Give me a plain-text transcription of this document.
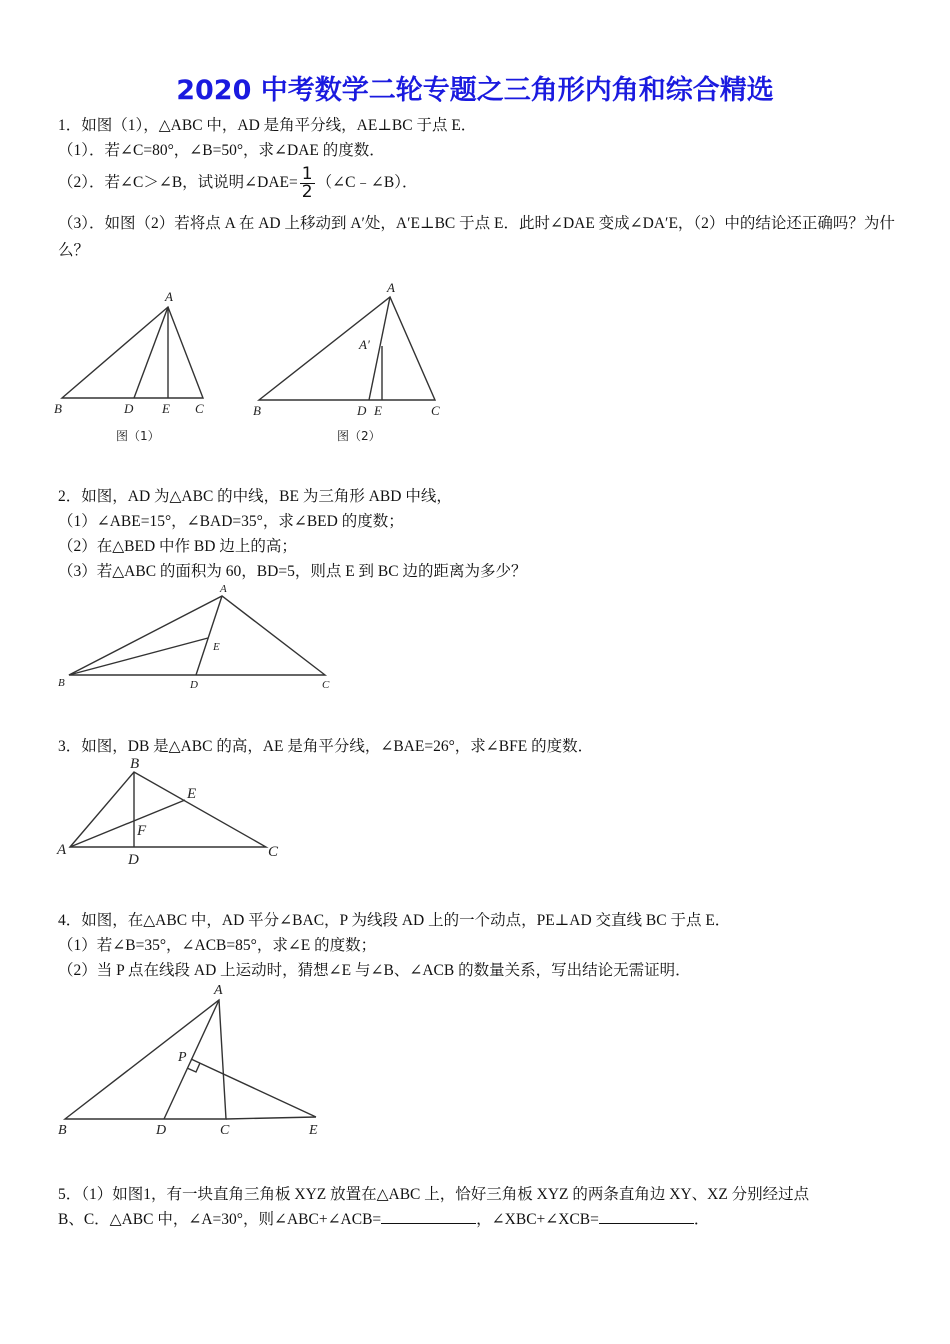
2020 中考数学二轮专题之三角形内角和综合精选
1．如图（1），△ABC 中，AD 是角平分线，AE⊥BC 于点 E．
（1）．若∠C=80°，∠B=50°，求∠DAE 的度数．
（2）．若∠C＞∠B，试说明∠DAE= $\frac{1}{2}$ （∠C﹣∠B）．
（3）．如图（2）若将点 A 在 AD 上移动到 A′处，A′E⊥BC 于点 E．此时∠DAE 变成∠DA′E，（2）中的结论还正确吗？为什么？
A
B	D E C
图（1）
A
A′
B	D E	C
图（2）
2．如图，AD 为△ABC 的中线，BE 为三角形 ABD 中线，
（1）∠ABE=15°，∠BAD=35°，求∠BED 的度数；
（2）在△BED 中作 BD 边上的高；
（3）若△ABC 的面积为 60，BD=5，则点 E 到 BC 边的距离为多少？
A
B
E
D	C
3．如图，DB 是△ABC 的高，AE 是角平分线，∠BAE=26°，求∠BFE 的度数．
B
E
F
A
D	C
4．如图，在△ABC 中，AD 平分∠BAC，P 为线段 AD 上的一个动点，PE⊥AD 交直线 BC 于点 E．
（1）若∠B=35°，∠ACB=85°，求∠E 的度数；
（2）当 P 点在线段 AD 上运动时，猜想∠E 与∠B、∠ACB 的数量关系，写出结论无需证明．
A
P
B	D	C	E
5．（1）如图1，有一块直角三角板 XYZ 放置在△ABC 上，恰好三角板 XYZ 的两条直角边 XY、XZ 分别经过点
B、C．△ABC 中，∠A=30°，则∠ABC+∠ACB=	，∠XBC+∠XCB=	．
